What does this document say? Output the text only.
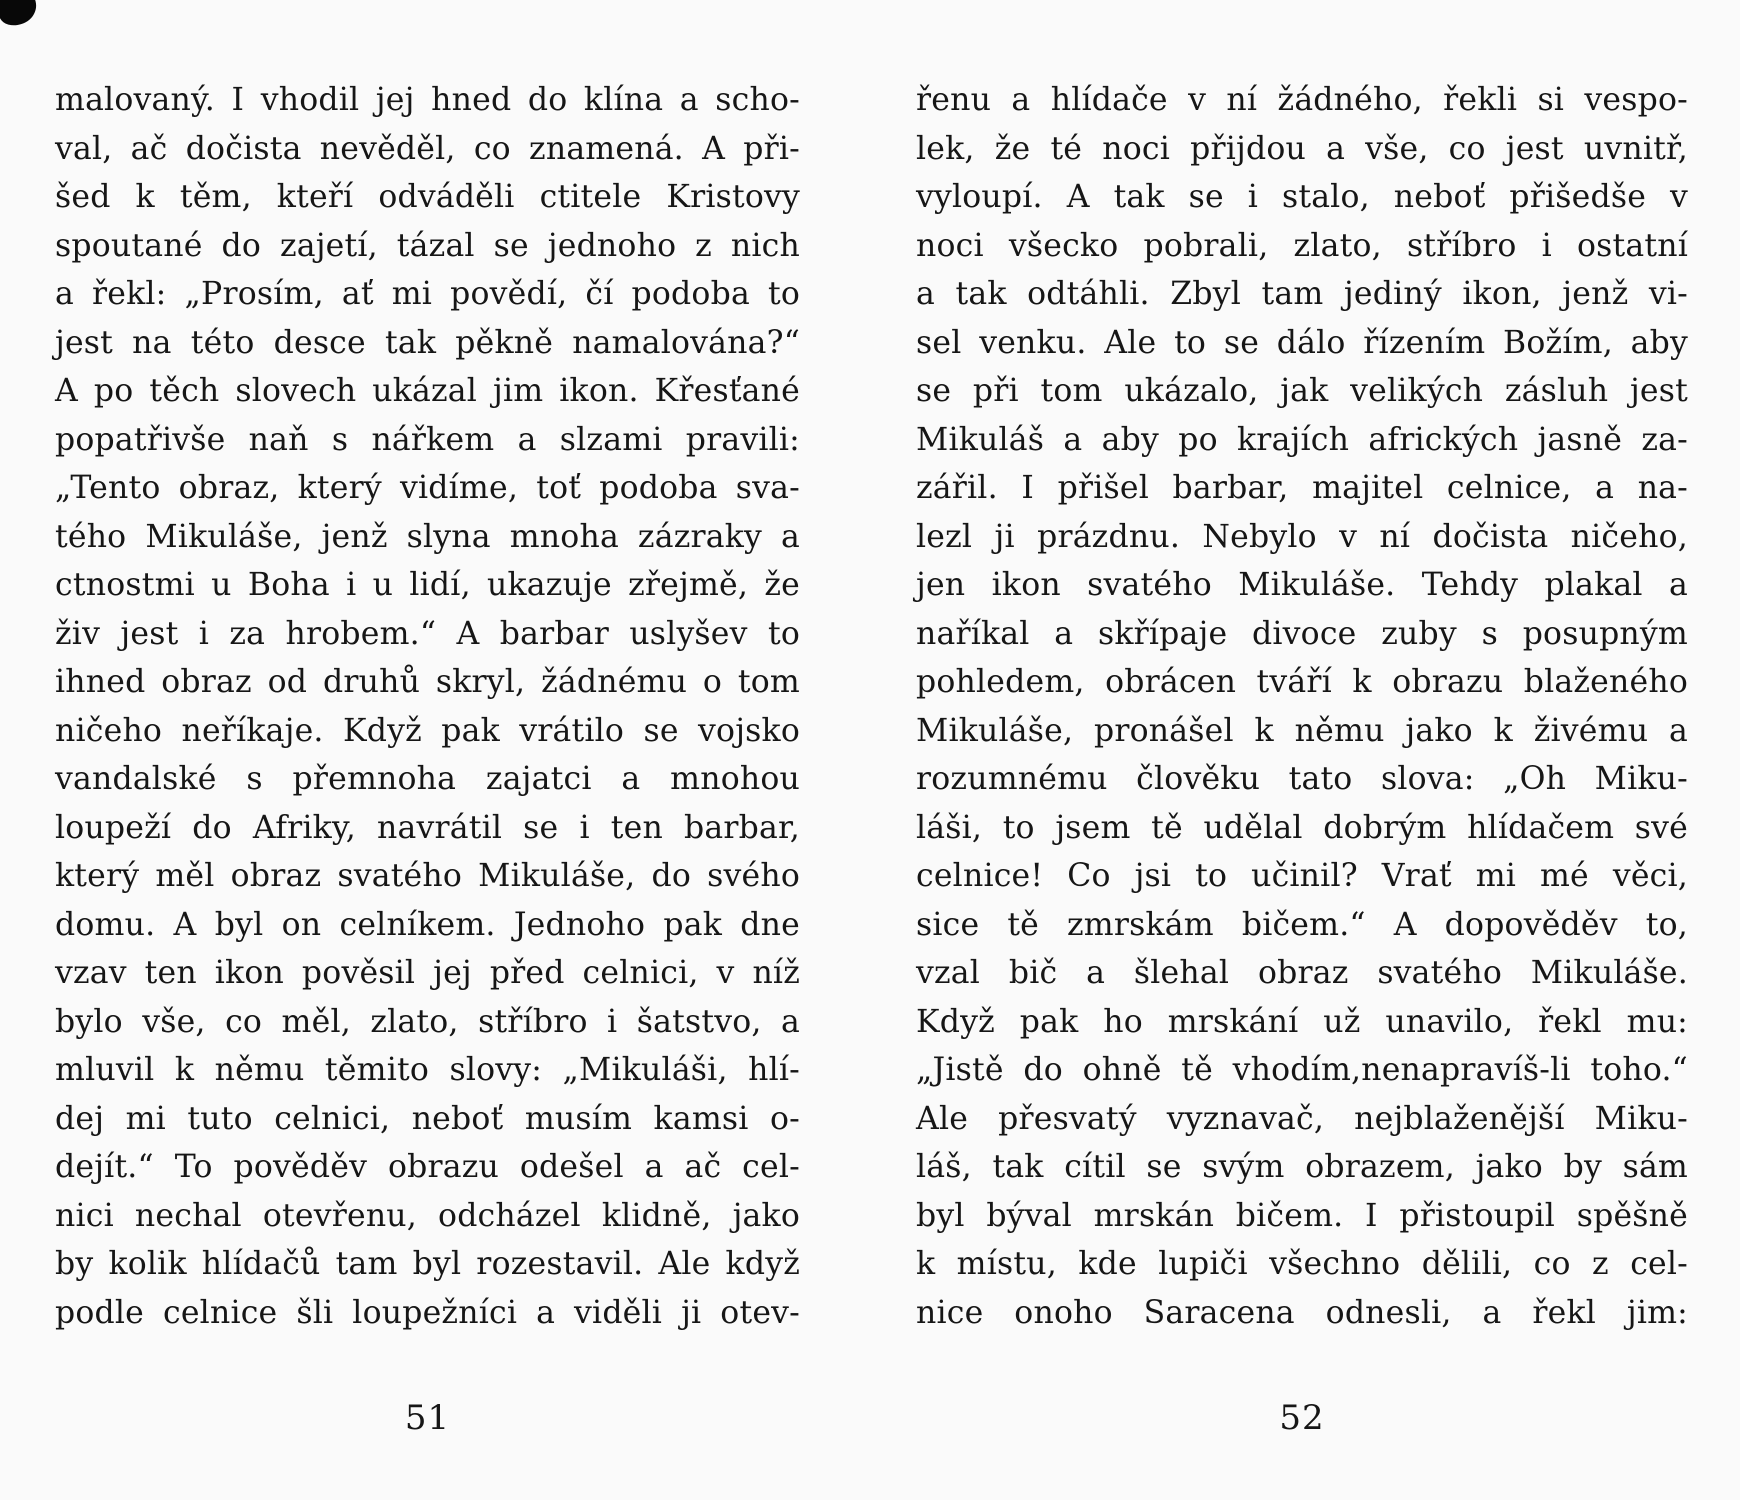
malovaný. I vhodil jej hned do klína a scho-
val, ač dočista nevěděl, co znamená. A při-
šed k těm, kteří odváděli ctitele Kristovy
spoutané do zajetí, tázal se jednoho z nich
a řekl: „Prosím, ať mi povědí, čí podoba to
jest na této desce tak pěkně namalována?“
A po těch slovech ukázal jim ikon. Křesťané
popatřivše naň s nářkem a slzami pravili:
„Tento obraz, který vidíme, toť podoba sva-
tého Mikuláše, jenž slyna mnoha zázraky a
ctnostmi u Boha i u lidí, ukazuje zřejmě, že
živ jest i za hrobem.“ A barbar uslyšev to
ihned obraz od druhů skryl, žádnému o tom
ničeho neříkaje. Když pak vrátilo se vojsko
vandalské s přemnoha zajatci a mnohou
loupeží do Afriky, navrátil se i ten barbar,
který měl obraz svatého Mikuláše, do svého
domu. A byl on celníkem. Jednoho pak dne
vzav ten ikon pověsil jej před celnici, v níž
bylo vše, co měl, zlato, stříbro i šatstvo, a
mluvil k němu těmito slovy: „Mikuláši, hlí-
dej mi tuto celnici, neboť musím kamsi o-
dejít.“ To pověděv obrazu odešel a ač cel-
nici nechal otevřenu, odcházel klidně, jako
by kolik hlídačů tam byl rozestavil. Ale když
podle celnice šli loupežníci a viděli ji otev-
51
řenu a hlídače v ní žádného, řekli si vespo-
lek, že té noci přijdou a vše, co jest uvnitř,
vyloupí. A tak se i stalo, neboť přišedše v
noci všecko pobrali, zlato, stříbro i ostatní
a tak odtáhli. Zbyl tam jediný ikon, jenž vi-
sel venku. Ale to se dálo řízením Božím, aby
se při tom ukázalo, jak velikých zásluh jest
Mikuláš a aby po krajích afrických jasně za-
zářil. I přišel barbar, majitel celnice, a na-
lezl ji prázdnu. Nebylo v ní dočista ničeho,
jen ikon svatého Mikuláše. Tehdy plakal a
naříkal a skřípaje divoce zuby s posupným
pohledem, obrácen tváří k obrazu blaženého
Mikuláše, pronášel k němu jako k živému a
rozumnému člověku tato slova: „Oh Miku-
láši, to jsem tě udělal dobrým hlídačem své
celnice! Co jsi to učinil? Vrať mi mé věci,
sice tě zmrskám bičem.“ A dopověděv to,
vzal bič a šlehal obraz svatého Mikuláše.
Když pak ho mrskání už unavilo, řekl mu:
„Jistě do ohně tě vhodím,nenapravíš-li toho.“
Ale přesvatý vyznavač, nejblaženější Miku-
láš, tak cítil se svým obrazem, jako by sám
byl býval mrskán bičem. I přistoupil spěšně
k místu, kde lupiči všechno dělili, co z cel-
nice onoho Saracena odnesli, a řekl jim:
52
